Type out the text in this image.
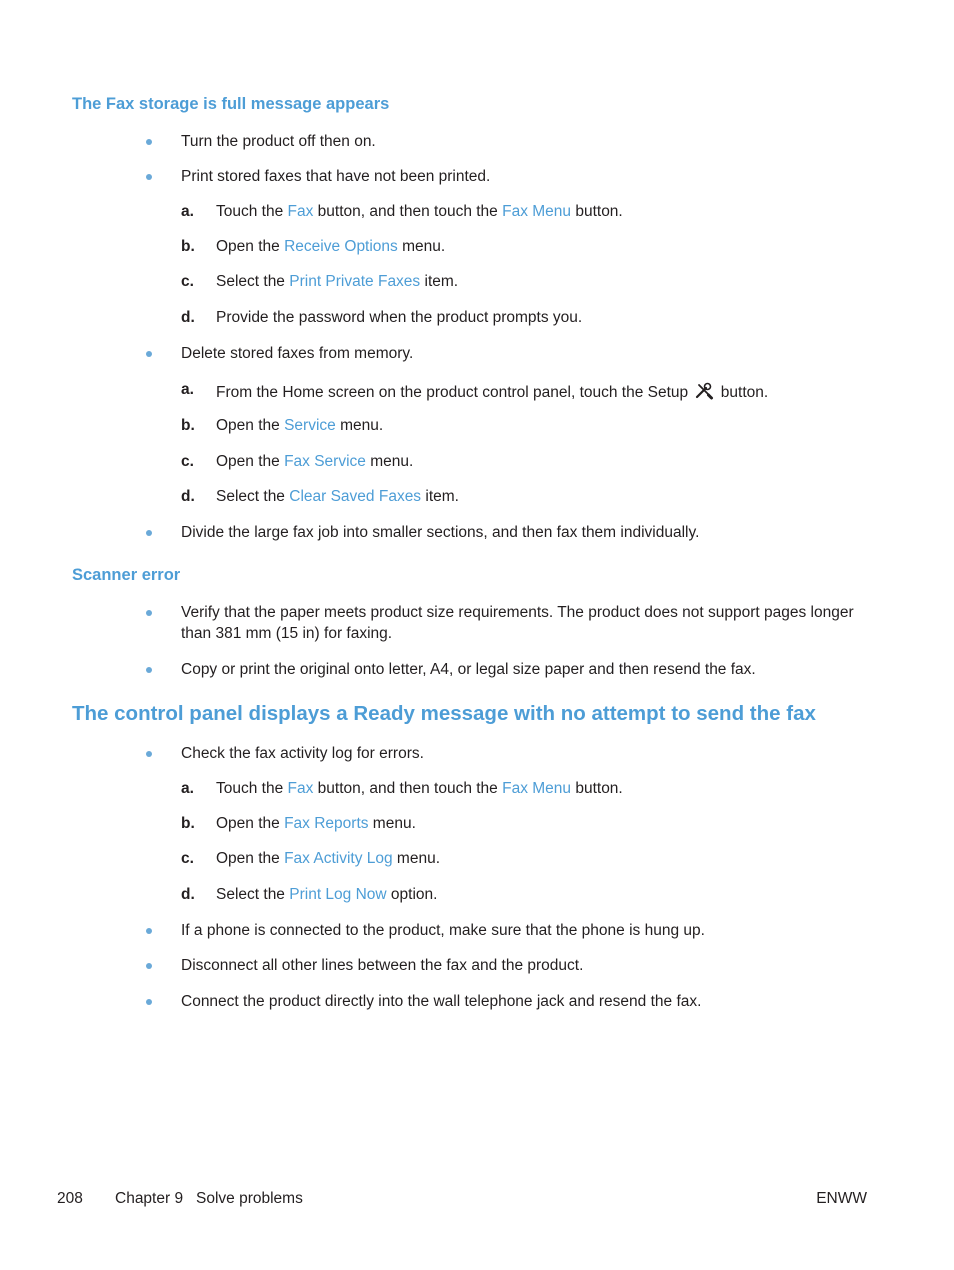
The Fax storage is full message appears
Turn the product off then on.
Print stored faxes that have not been printed.
a. Touch the Fax button, and then touch the Fax Menu button.
b. Open the Receive Options menu.
c. Select the Print Private Faxes item.
d. Provide the password when the product prompts you.
Delete stored faxes from memory.
a. From the Home screen on the product control panel, touch the Setup  button.
b. Open the Service menu.
c. Open the Fax Service menu.
d. Select the Clear Saved Faxes item.
Divide the large fax job into smaller sections, and then fax them individually.
Scanner error
Verify that the paper meets product size requirements. The product does not support pages longer than 381 mm (15 in) for faxing.
Copy or print the original onto letter, A4, or legal size paper and then resend the fax.
The control panel displays a Ready message with no attempt to send the fax
Check the fax activity log for errors.
a. Touch the Fax button, and then touch the Fax Menu button.
b. Open the Fax Reports menu.
c. Open the Fax Activity Log menu.
d. Select the Print Log Now option.
If a phone is connected to the product, make sure that the phone is hung up.
Disconnect all other lines between the fax and the product.
Connect the product directly into the wall telephone jack and resend the fax.
208 Chapter 9   Solve problems	ENWW
